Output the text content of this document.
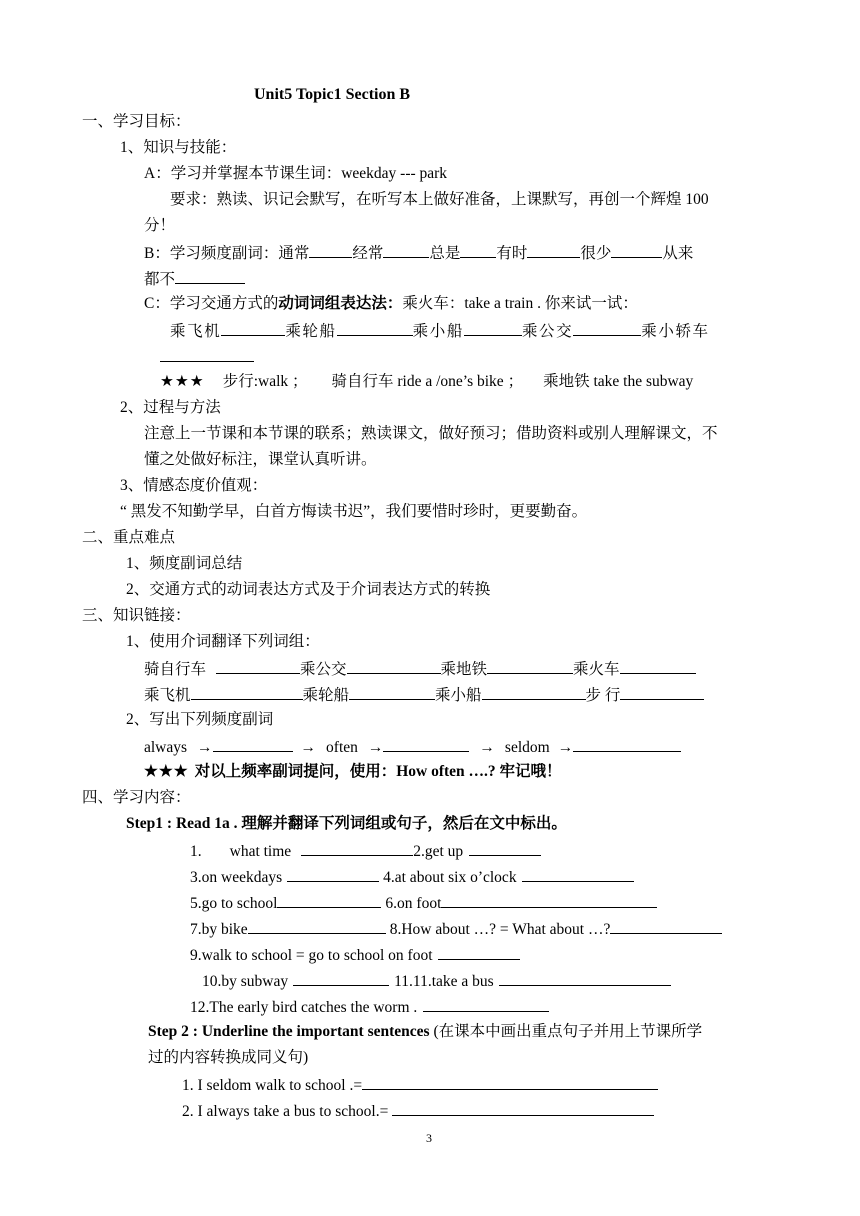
Unit5 Topic1 Section B
一、学习目标：
1、知识与技能：
A：学习并掌握本节课生词：weekday --- park
要求：熟读、识记会默写，在听写本上做好准备，上课默写，再创一个辉煌 100
分！
B：学习频度副词：通常	经常	总是 有时	很少	从来
都不
C：学习交通方式的动词词组表达法：乘火车：take a train . 你来试一试：
乘飞机	乘轮船	乘小船	乘公交	乘小轿车
★★★ 步行:walk ； 骑自行车 ride a /one’s bike ； 乘地铁 take the subway
2、过程与方法
注意上一节课和本节课的联系；熟读课文，做好预习；借助资料或别人理解课文，不
懂之处做好标注，课堂认真听讲。
3、情感态度价值观：
“ 黑发不知勤学早，白首方悔读书迟”，我们要惜时珍时，更要勤奋。
二、重点难点
1、频度副词总结
2、交通方式的动词表达方式及于介词表达方式的转换
三、知识链接：
1、使用介词翻译下列词组：
骑自行车	乘公交	乘地铁	乘火车
乘飞机	乘轮船	乘小船	步 行
2、写出下列频度副词
always →	→ often →	→ seldom →
★★★ 对以上频率副词提问，使用：How often ….? 牢记哦！
四、学习内容：
Step1 : Read 1a . 理解并翻译下列词组或句子，然后在文中标出。
1. what time	2.get up
3.on weekdays	4.at about six o’clock
5.go to school	6.on foot
7.by bike	8.How about …? = What about …?
9.walk to school = go to school on foot
10.by subway	11.11.take a bus
12.The early bird catches the worm .
Step 2 : Underline the important sentences (在课本中画出重点句子并用上节课所学
过的内容转换成同义句)
1. I seldom walk to school .=
2. I always take a bus to school.=
3
